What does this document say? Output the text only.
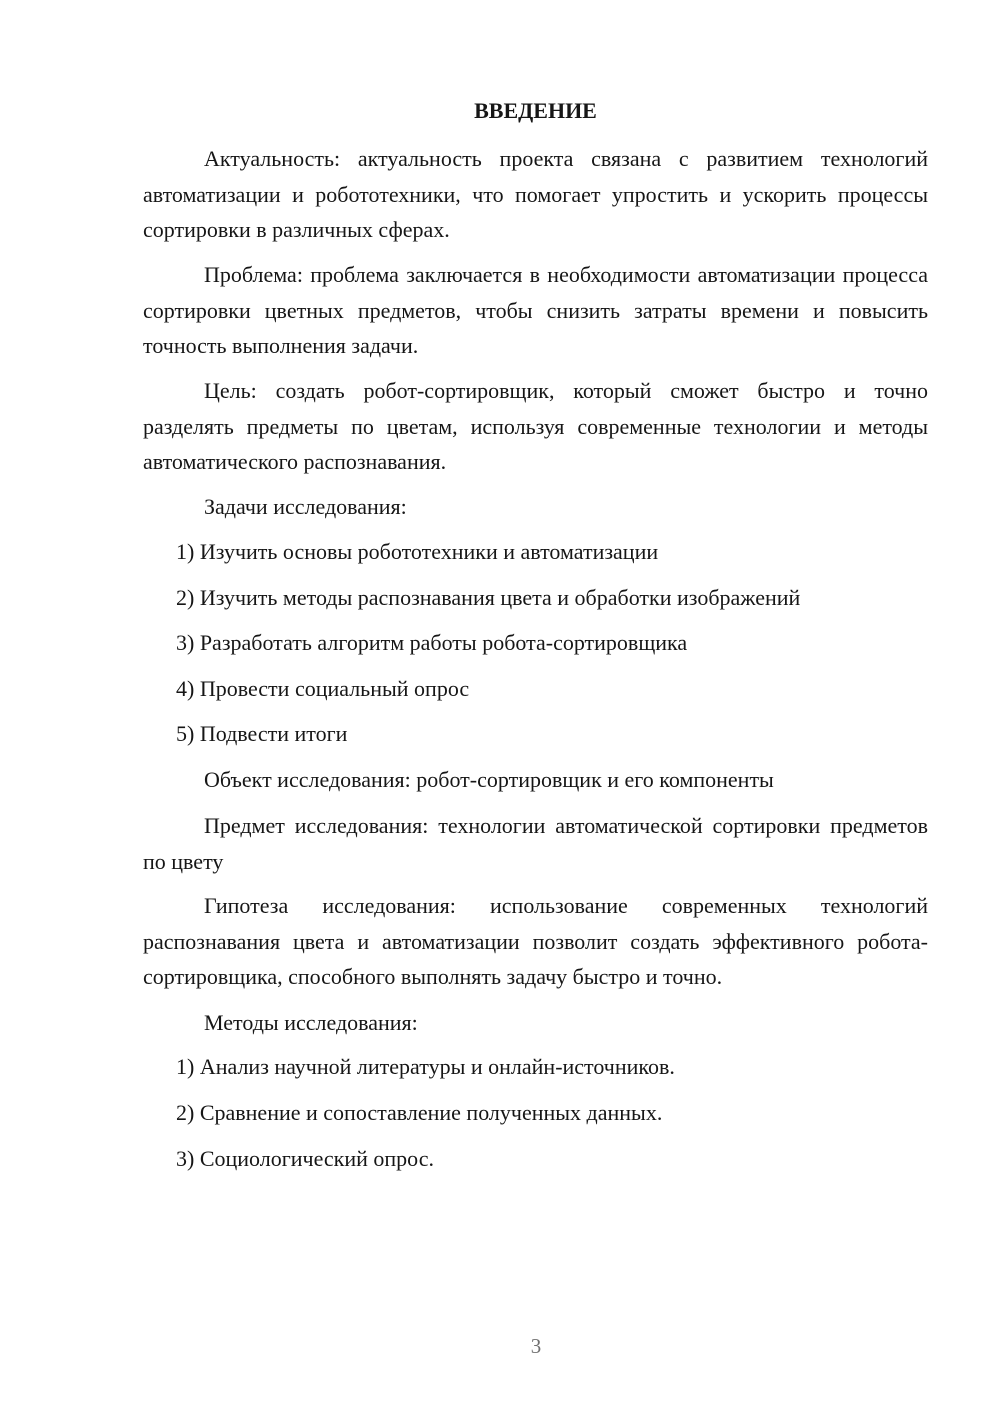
ВВЕДЕНИЕ

Актуальность: актуальность проекта связана с развитием технологий автоматизации и робототехники, что помогает упростить и ускорить процессы сортировки в различных сферах.

Проблема: проблема заключается в необходимости автоматизации процесса сортировки цветных предметов, чтобы снизить затраты времени и повысить точность выполнения задачи.

Цель: создать робот-сортировщик, который сможет быстро и точно разделять предметы по цветам, используя современные технологии и методы автоматического распознавания.

Задачи исследования:

1) Изучить основы робототехники и автоматизации

2) Изучить методы распознавания цвета и обработки изображений

3) Разработать алгоритм работы робота-сортировщика

4) Провести социальный опрос

5) Подвести итоги

Объект исследования: робот-сортировщик и его компоненты

Предмет исследования: технологии автоматической сортировки предметов по цвету

Гипотеза исследования: использование современных технологий распознавания цвета и автоматизации позволит создать эффективного робота-сортировщика, способного выполнять задачу быстро и точно.

Методы исследования:

1) Анализ научной литературы и онлайн-источников.

2) Сравнение и сопоставление полученных данных.

3) Социологический опрос.

3
